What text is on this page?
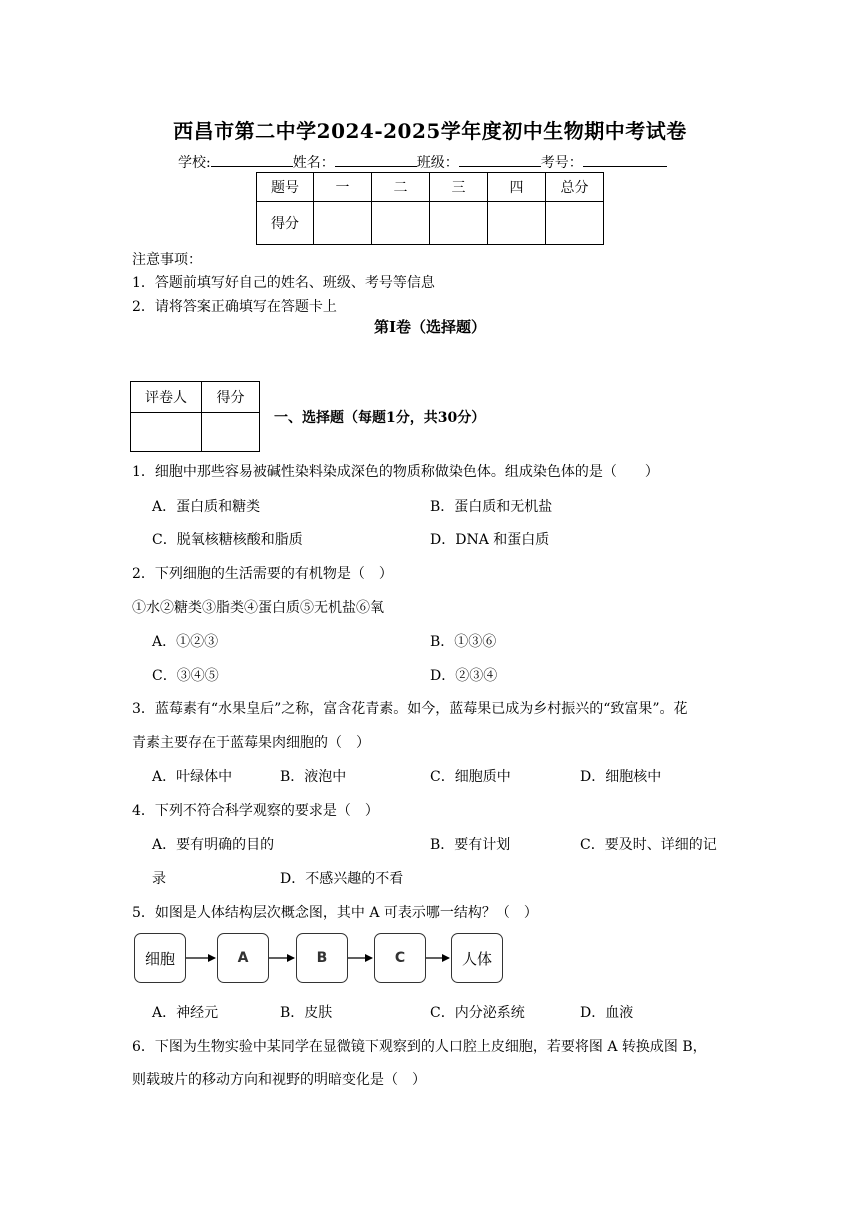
西昌市第二中学2024-2025学年度初中生物期中考试卷
学校:	姓名：	班级：	考号：
题号	一	二	三	四	总分
得分					
注意事项：
1．答题前填写好自己的姓名、班级、考号等信息
2．请将答案正确填写在答题卡上
第Ⅰ卷（选择题）
评卷人	得分

一、选择题（每题1分，共30分）
1．细胞中那些容易被碱性染料染成深色的物质称做染色体。组成染色体的是（　　）
A．蛋白质和糖类	B．蛋白质和无机盐
C．脱氧核糖核酸和脂质	D．DNA 和蛋白质
2．下列细胞的生活需要的有机物是（　）
①水②糖类③脂类④蛋白质⑤无机盐⑥氧
A．①②③	B．①③⑥
C．③④⑤	D．②③④
3．蓝莓素有“水果皇后”之称，富含花青素。如今，蓝莓果已成为乡村振兴的“致富果”。花
青素主要存在于蓝莓果肉细胞的（　）
A．叶绿体中	B．液泡中	C．细胞质中	D．细胞核中
4．下列不符合科学观察的要求是（　）
A．要有明确的目的	B．要有计划	C．要及时、详细的记
录	D．不感兴趣的不看
5．如图是人体结构层次概念图，其中 A 可表示哪一结构？（　）
细胞	A	B	C	人体
A．神经元	B．皮肤	C．内分泌系统	D．血液
6．下图为生物实验中某同学在显微镜下观察到的人口腔上皮细胞，若要将图 A 转换成图 B，
则载玻片的移动方向和视野的明暗变化是（　）
